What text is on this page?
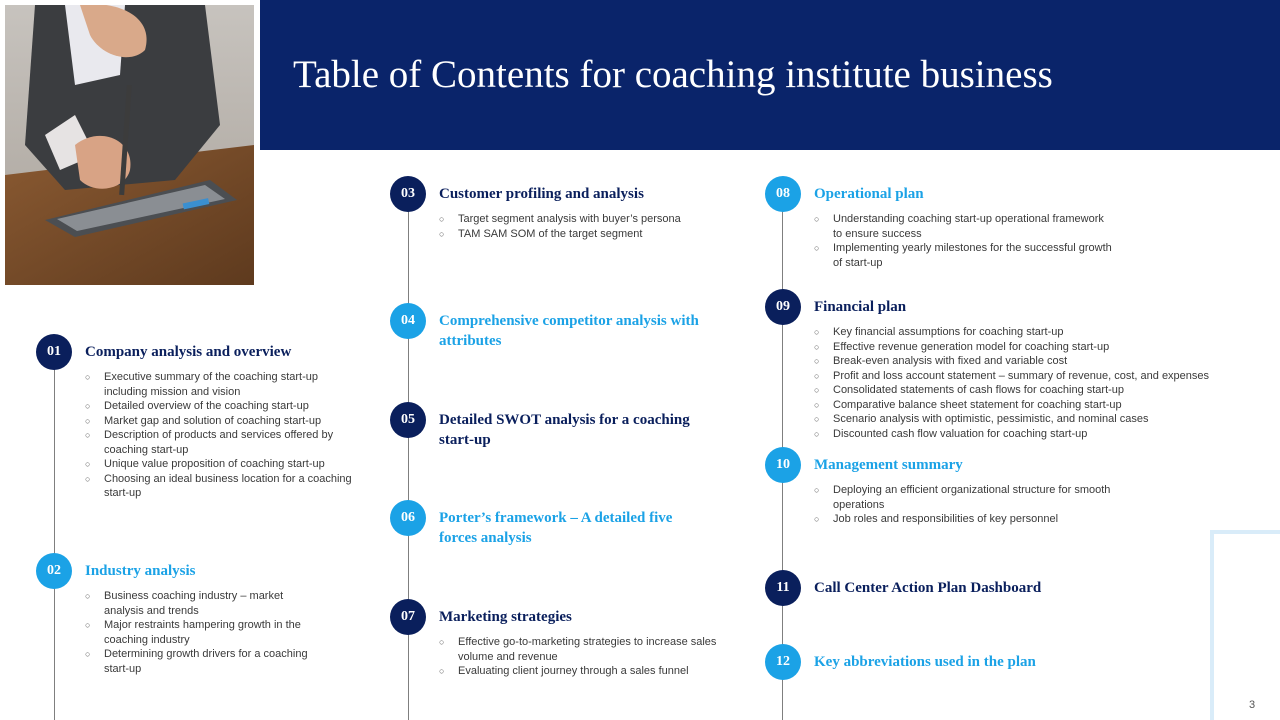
Table of Contents for coaching institute business
01	Company analysis and overview
○ Executive summary of the coaching start-up including mission and vision
○ Detailed overview of the coaching start-up
○ Market gap and solution of coaching start-up
○ Description of products and services offered by coaching start-up
○ Unique value proposition of coaching start-up
○ Choosing an ideal business location for a coaching start-up
02	Industry analysis
○ Business coaching industry – market analysis and trends
○ Major restraints hampering growth in the coaching industry
○ Determining growth drivers for a coaching start-up
03	Customer profiling and analysis
○ Target segment analysis with buyer’s persona
○ TAM SAM SOM of the target segment
04	Comprehensive competitor analysis with attributes
05	Detailed SWOT analysis for a coaching start-up
06	Porter’s framework – A detailed five forces analysis
07	Marketing strategies
○ Effective go-to-marketing strategies to increase sales volume and revenue
○ Evaluating client journey through a sales funnel
08	Operational plan
○ Understanding coaching start-up operational framework to ensure success
○ Implementing yearly milestones for the successful growth of start-up
09	Financial plan
○ Key financial assumptions for coaching start-up
○ Effective revenue generation model for coaching start-up
○ Break-even analysis with fixed and variable cost
○ Profit and loss account statement – summary of revenue, cost, and expenses
○ Consolidated statements of cash flows for coaching start-up
○ Comparative balance sheet statement for coaching start-up
○ Scenario analysis with optimistic, pessimistic, and nominal cases
○ Discounted cash flow valuation for coaching start-up
10	Management summary
○ Deploying an efficient organizational structure for smooth operations
○ Job roles and responsibilities of key personnel
11	Call Center Action Plan Dashboard
12	Key abbreviations used in the plan
3
